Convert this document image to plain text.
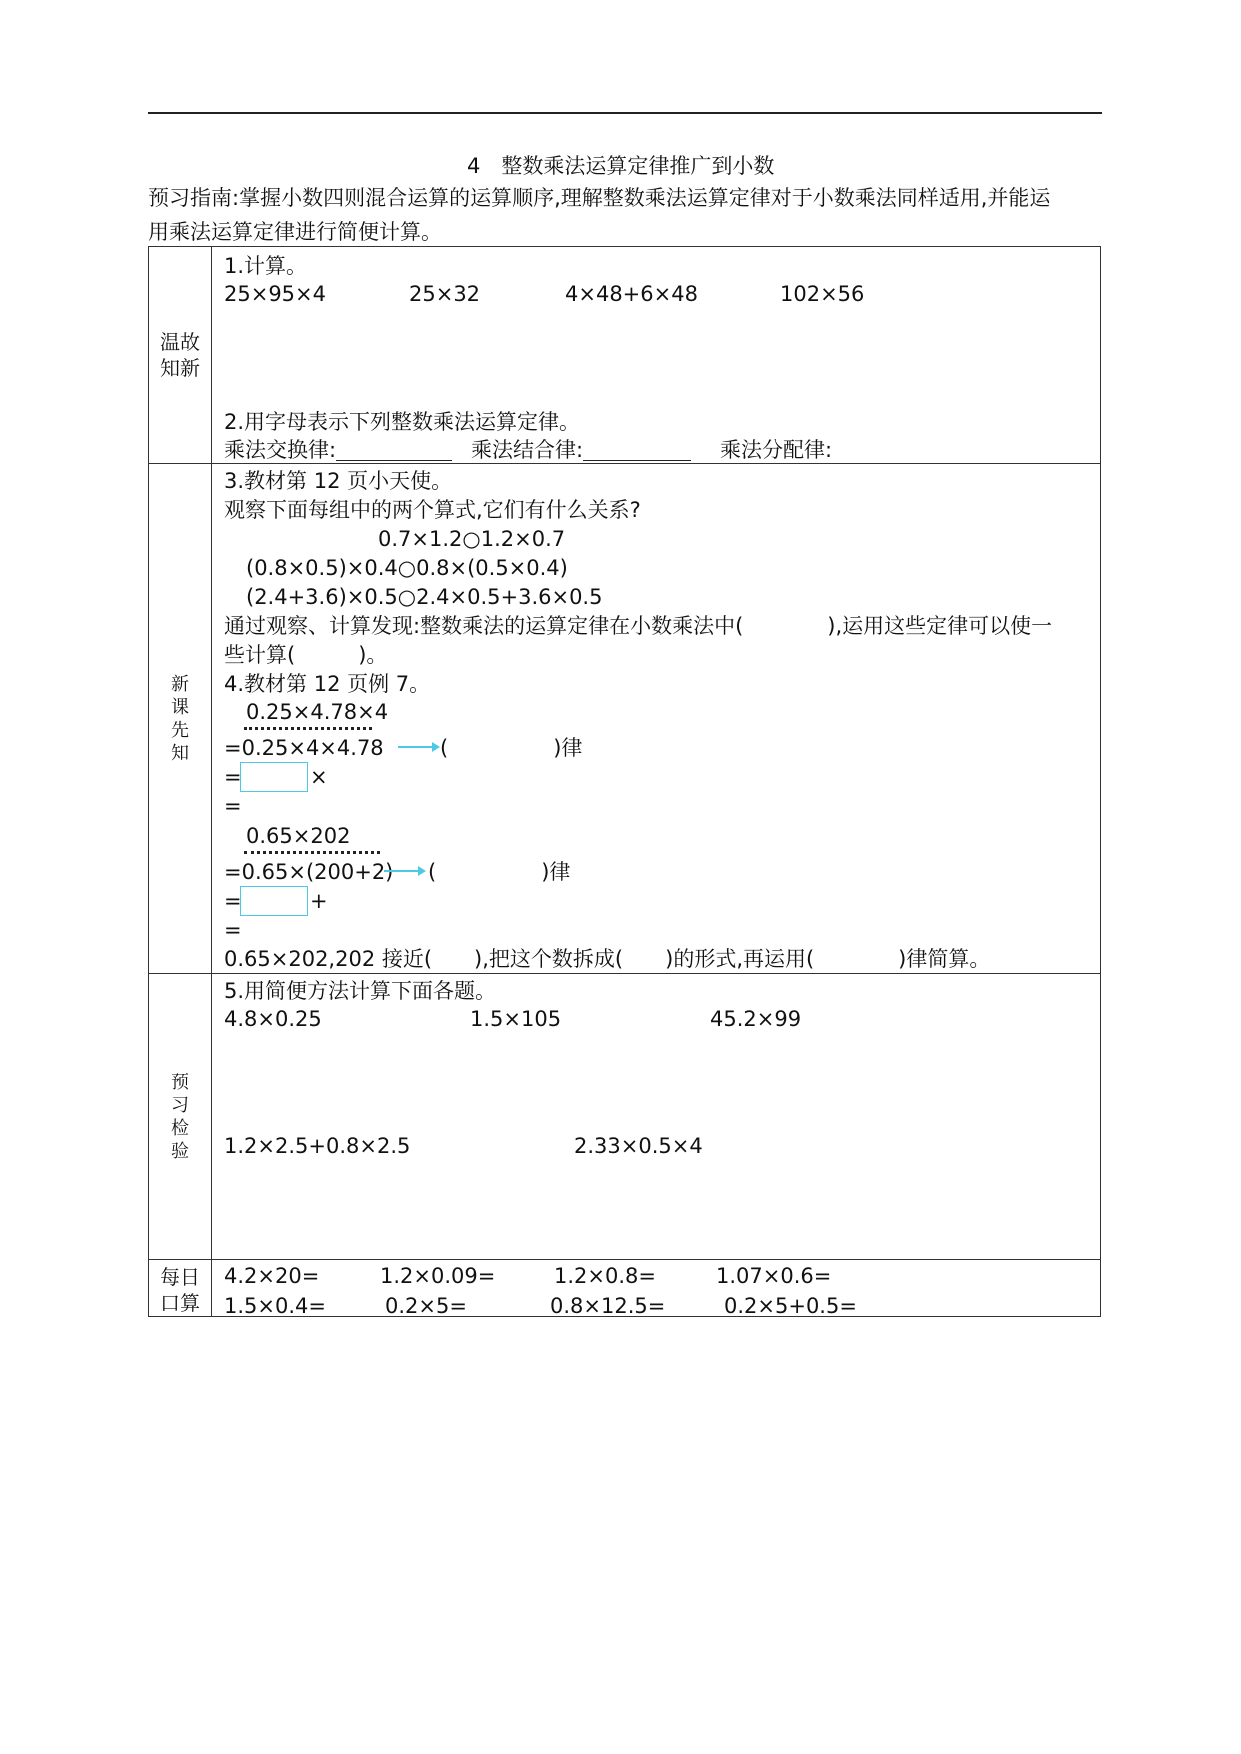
4　整数乘法运算定律推广到小数
预习指南:掌握小数四则混合运算的运算顺序,理解整数乘法运算定律对于小数乘法同样适用,并能运
用乘法运算定律进行简便计算。
温故
知新
1.计算。
25×95×4	25×32	4×48+6×48	102×56
2.用字母表示下列整数乘法运算定律。
乘法交换律:	乘法结合律:	乘法分配律:
新
课
先
知
3.教材第 12 页小天使。
观察下面每组中的两个算式,它们有什么关系?
0.7×1.2○1.2×0.7
(0.8×0.5)×0.4○0.8×(0.5×0.4)
(2.4+3.6)×0.5○2.4×0.5+3.6×0.5
通过观察、计算发现:整数乘法的运算定律在小数乘法中(　　　　),运用这些定律可以使一
些计算(　　　)。
4.教材第 12 页例 7。
0.25×4.78×4
=0.25×4×4.78	(　　　　　)律
=	×
=
0.65×202
=0.65×(200+2) (　　　　　)律
=	+
=
0.65×202,202 接近(　　),把这个数拆成(　　)的形式,再运用(　　　　)律简算。
预
习
检
验
5.用简便方法计算下面各题。
4.8×0.25	1.5×105	45.2×99
1.2×2.5+0.8×2.5	2.33×0.5×4
每日
口算
4.2×20=	1.2×0.09=	1.2×0.8=	1.07×0.6=
1.5×0.4=	0.2×5=	0.8×12.5=	0.2×5+0.5=
